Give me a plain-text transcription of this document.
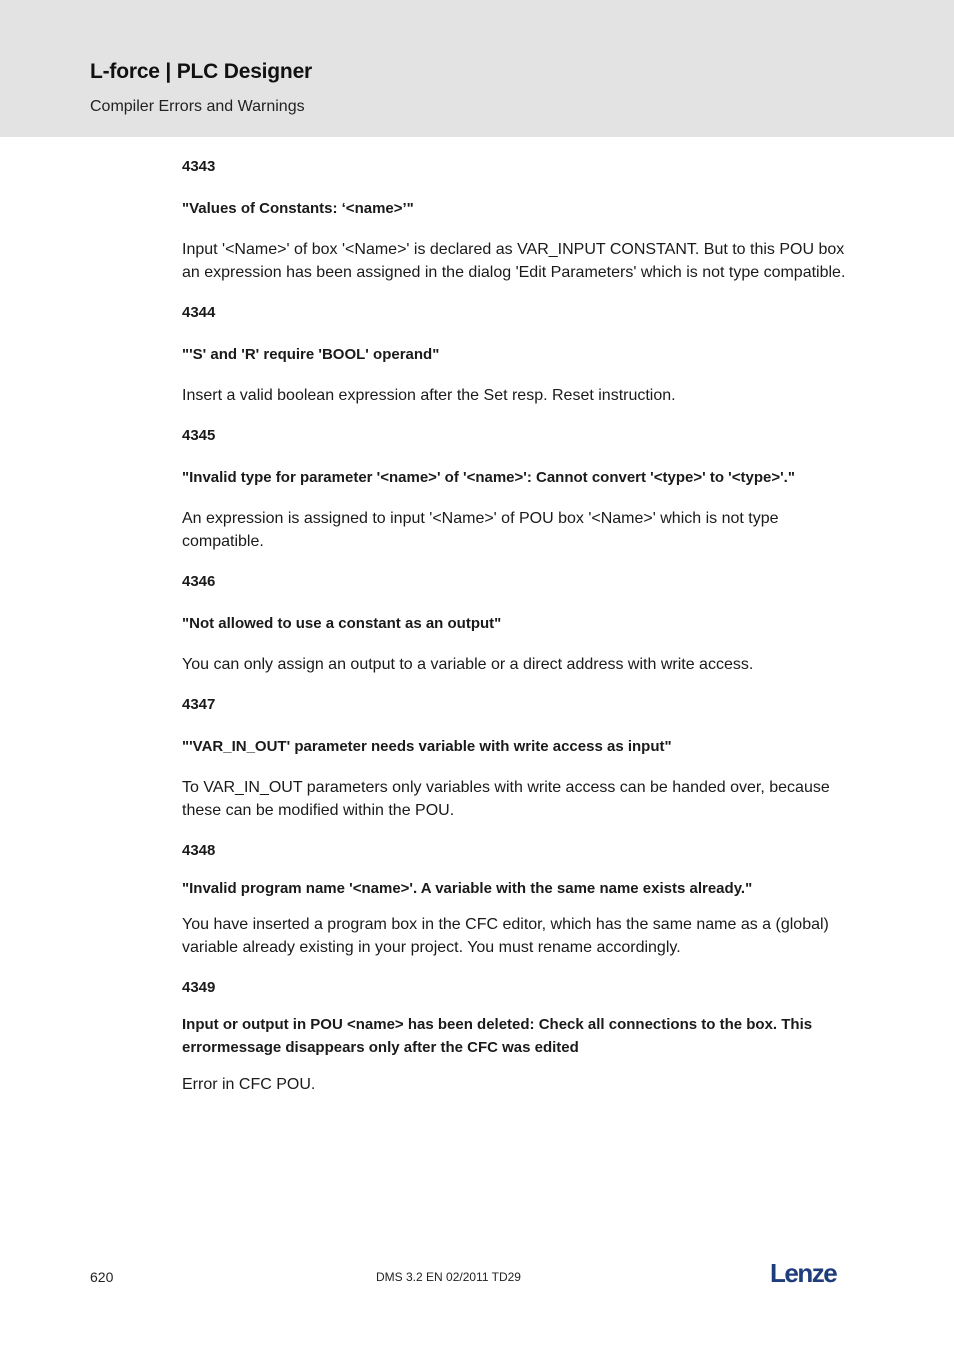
L-force | PLC Designer
Compiler Errors and Warnings

4343

"Values of Constants: ‘<name>’"

Input '<Name>' of box '<Name>' is declared as VAR_INPUT CONSTANT. But to this POU box an expression has been assigned in the dialog 'Edit Parameters' which is not type compatible.

4344

"'S' and 'R' require 'BOOL' operand"

Insert a valid boolean expression after the Set resp. Reset instruction.

4345

"Invalid type for parameter '<name>' of '<name>': Cannot convert '<type>' to '<type>'."

An expression is assigned to input '<Name>' of POU box '<Name>' which is not type compatible.

4346

"Not allowed to use a constant as an output"

You can only assign an output to a variable or a direct address with write access.

4347

"'VAR_IN_OUT' parameter needs variable with write access as input"

To VAR_IN_OUT parameters only variables with write access can be handed over, because these can be modified within the POU.

4348

"Invalid program name '<name>'. A variable with the same name exists already."

You have inserted a program box in the CFC editor, which has the same name as a (global) variable already existing in your project. You must rename accordingly.

4349

Input or output in POU <name> has been deleted: Check all connections to the box. This errormessage disappears only after the CFC was edited

Error in CFC POU.

620	DMS 3.2 EN 02/2011 TD29	Lenze
